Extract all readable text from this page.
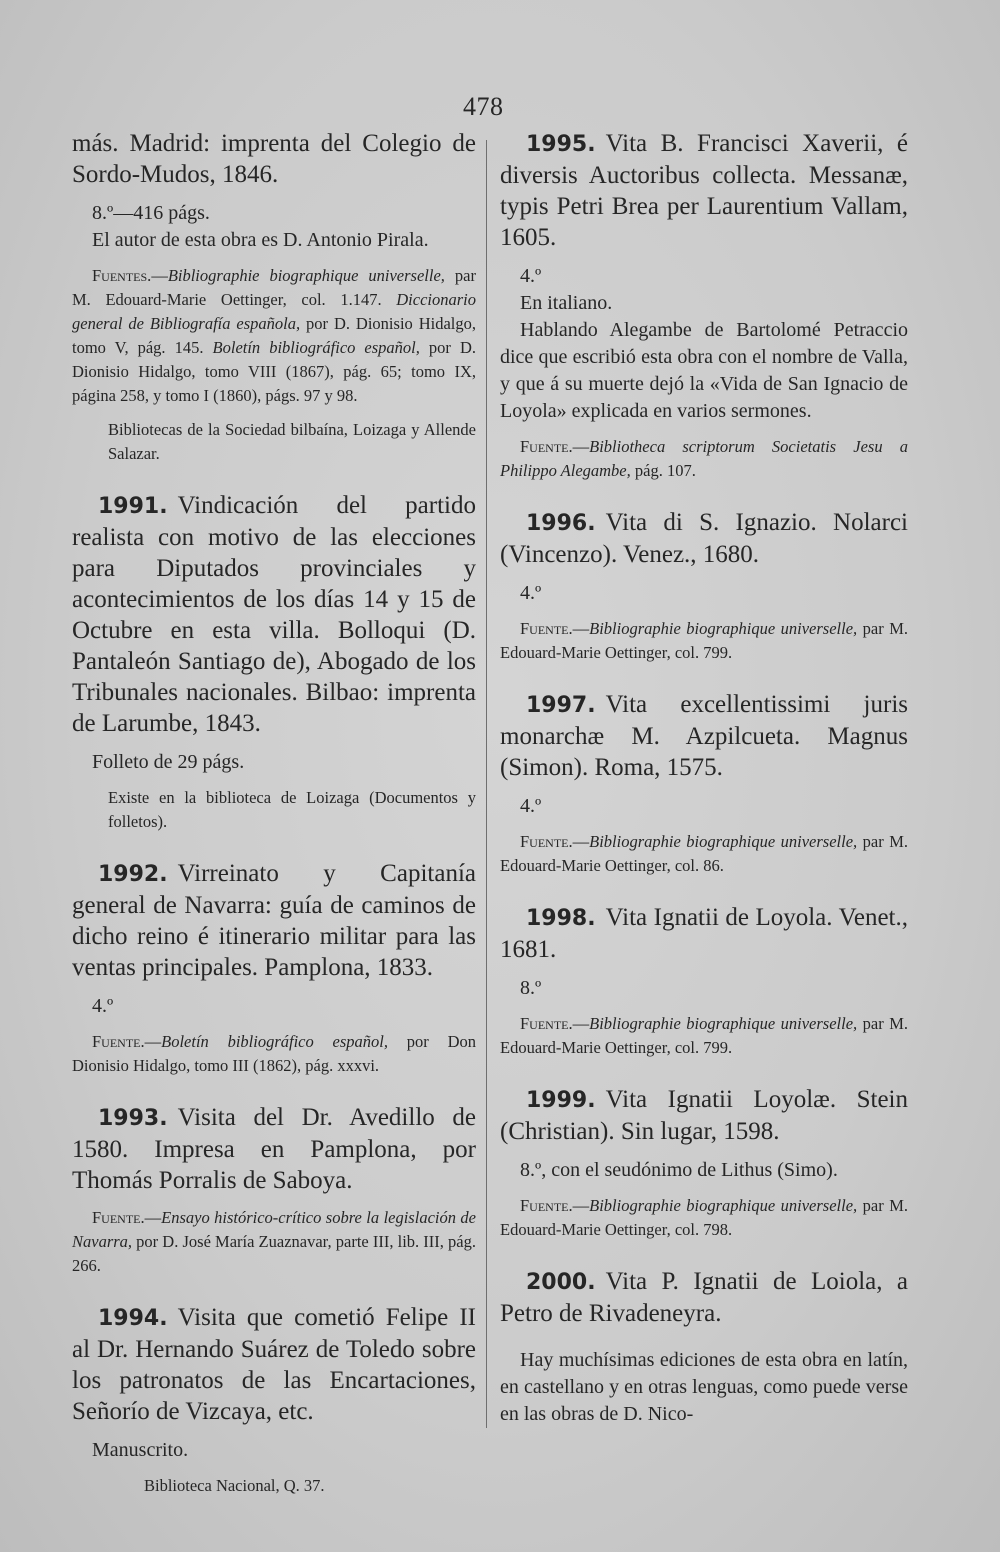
478

más. Madrid: imprenta del Colegio de Sordo-Mudos, 1846.

8.º—416 págs.

El autor de esta obra es D. Antonio Pirala.

Fuentes.—Bibliographie biographique universelle, par M. Edouard-Marie Oettinger, col. 1.147. Diccionario general de Bibliografía española, por D. Dionisio Hidalgo, tomo V, pág. 145. Boletín bibliográfico español, por D. Dionisio Hidalgo, tomo VIII (1867), pág. 65; tomo IX, página 258, y tomo I (1860), págs. 97 y 98.

Bibliotecas de la Sociedad bilbaína, Loizaga y Allende Salazar.

1991. Vindicación del partido realista con motivo de las elecciones para Diputados provinciales y acontecimientos de los días 14 y 15 de Octubre en esta villa. Bolloqui (D. Pantaleón Santiago de), Abogado de los Tribunales nacionales. Bilbao: imprenta de Larumbe, 1843.

Folleto de 29 págs.

Existe en la biblioteca de Loizaga (Documentos y folletos).

1992. Virreinato y Capitanía general de Navarra: guía de caminos de dicho reino é itinerario militar para las ventas principales. Pamplona, 1833.

4.º

Fuente.—Boletín bibliográfico español, por Don Dionisio Hidalgo, tomo III (1862), pág. xxxvi.

1993. Visita del Dr. Avedillo de 1580. Impresa en Pamplona, por Thomás Porralis de Saboya.

Fuente.—Ensayo histórico-crítico sobre la legislación de Navarra, por D. José María Zuaznavar, parte III, lib. III, pág. 266.

1994. Visita que cometió Felipe II al Dr. Hernando Suárez de Toledo sobre los patronatos de las Encartaciones, Señorío de Vizcaya, etc.

Manuscrito.

Biblioteca Nacional, Q. 37.

1995. Vita B. Francisci Xaverii, é diversis Auctoribus collecta. Messanæ, typis Petri Brea per Laurentium Vallam, 1605.

4.º

En italiano.

Hablando Alegambe de Bartolomé Petraccio dice que escribió esta obra con el nombre de Valla, y que á su muerte dejó la «Vida de San Ignacio de Loyola» explicada en varios sermones.

Fuente.—Bibliotheca scriptorum Societatis Jesu a Philippo Alegambe, pág. 107.

1996. Vita di S. Ignazio. Nolarci (Vincenzo). Venez., 1680.

4.º

Fuente.—Bibliographie biographique universelle, par M. Edouard-Marie Oettinger, col. 799.

1997. Vita excellentissimi juris monarchæ M. Azpilcueta. Magnus (Simon). Roma, 1575.

4.º

Fuente.—Bibliographie biographique universelle, par M. Edouard-Marie Oettinger, col. 86.

1998. Vita Ignatii de Loyola. Venet., 1681.

8.º

Fuente.—Bibliographie biographique universelle, par M. Edouard-Marie Oettinger, col. 799.

1999. Vita Ignatii Loyolæ. Stein (Christian). Sin lugar, 1598.

8.º, con el seudónimo de Lithus (Simo).

Fuente.—Bibliographie biographique universelle, par M. Edouard-Marie Oettinger, col. 798.

2000. Vita P. Ignatii de Loiola, a Petro de Rivadeneyra.

Hay muchísimas ediciones de esta obra en latín, en castellano y en otras lenguas, como puede verse en las obras de D. Nico-
